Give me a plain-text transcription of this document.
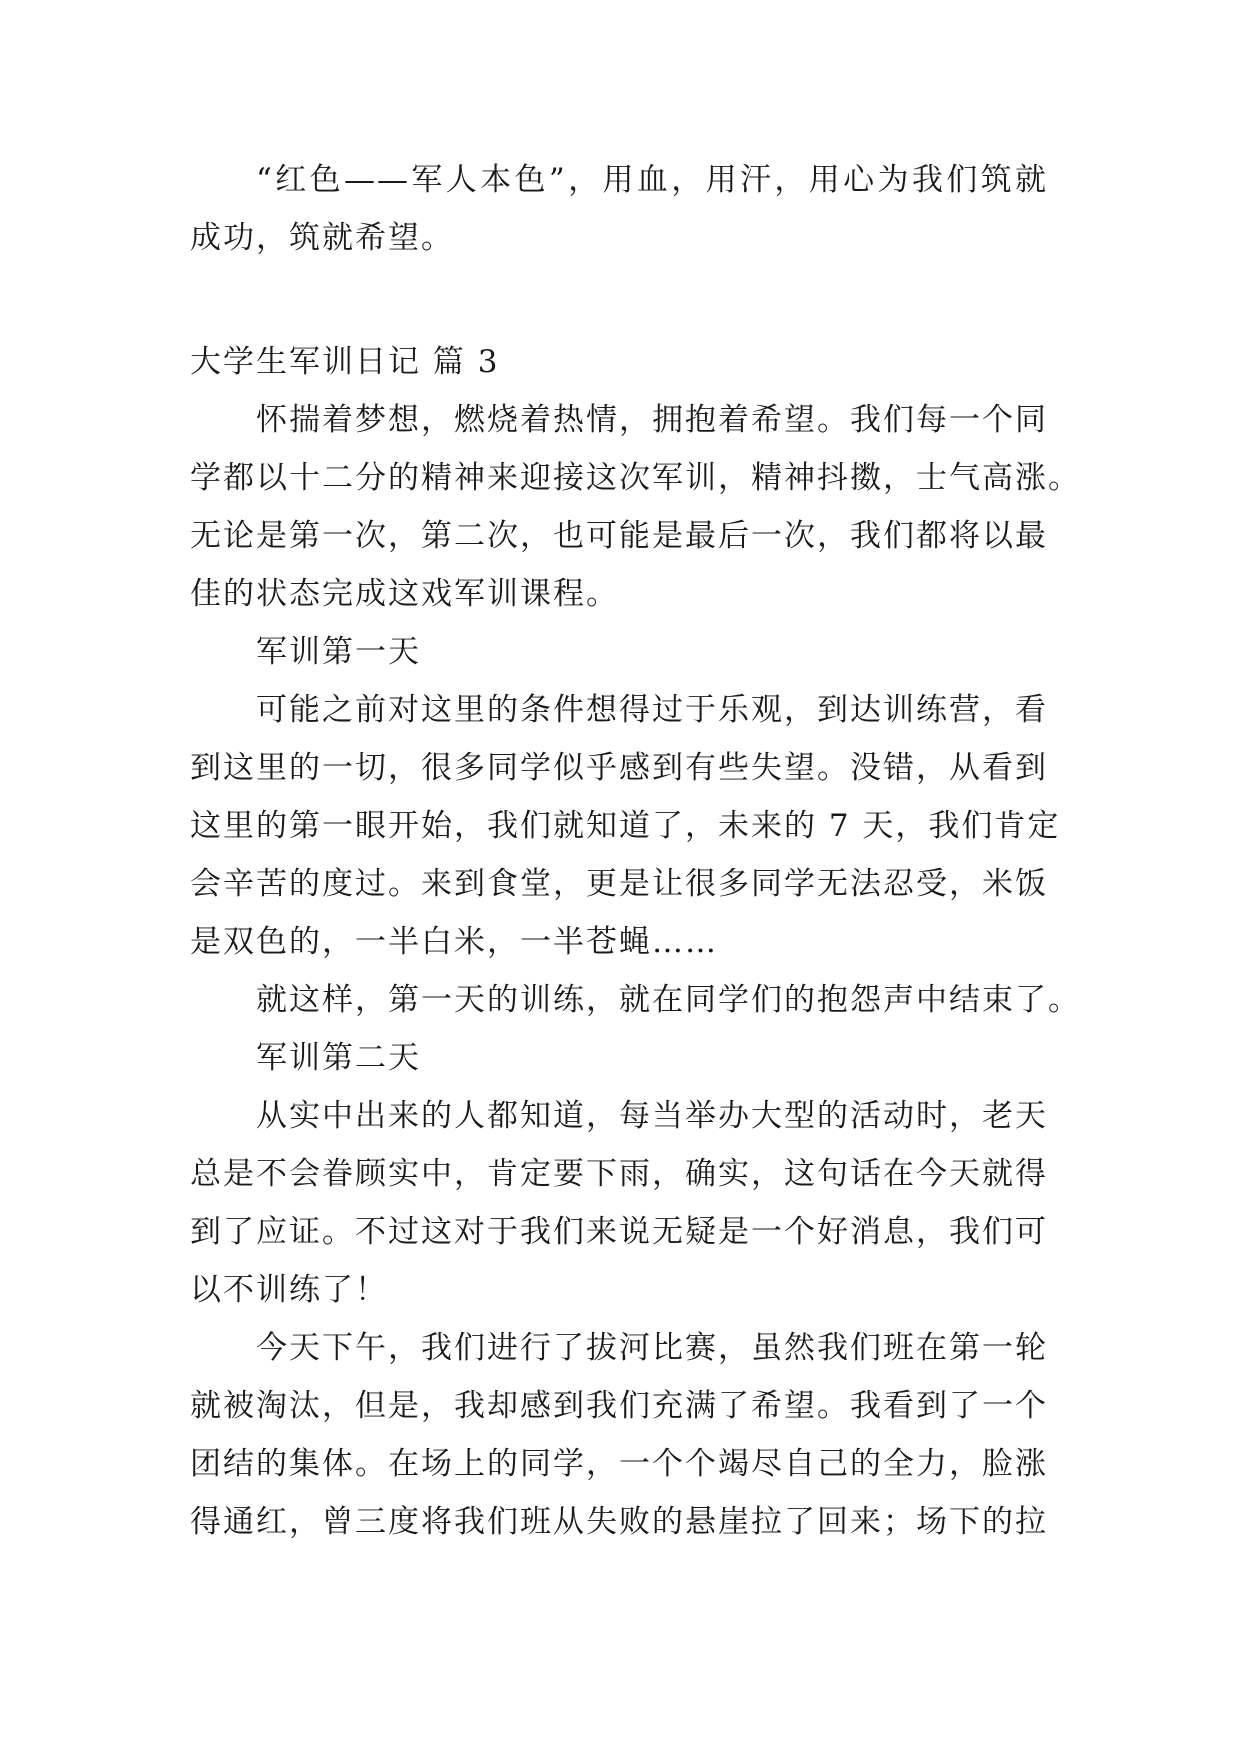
“红色——军人本色”，用血，用汗，用心为我们筑就
成功，筑就希望。
大学生军训日记 篇 3
怀揣着梦想，燃烧着热情，拥抱着希望。我们每一个同
学都以十二分的精神来迎接这次军训，精神抖擞，士气高涨。
无论是第一次，第二次，也可能是最后一次，我们都将以最
佳的状态完成这戏军训课程。
军训第一天
可能之前对这里的条件想得过于乐观，到达训练营，看
到这里的一切，很多同学似乎感到有些失望。没错，从看到
这里的第一眼开始，我们就知道了，未来的 7 天，我们肯定
会辛苦的度过。来到食堂，更是让很多同学无法忍受，米饭
是双色的，一半白米，一半苍蝇……
就这样，第一天的训练，就在同学们的抱怨声中结束了。
军训第二天
从实中出来的人都知道，每当举办大型的活动时，老天
总是不会眷顾实中，肯定要下雨，确实，这句话在今天就得
到了应证。不过这对于我们来说无疑是一个好消息，我们可
以不训练了！
今天下午，我们进行了拔河比赛，虽然我们班在第一轮
就被淘汰，但是，我却感到我们充满了希望。我看到了一个
团结的集体。在场上的同学，一个个竭尽自己的全力，脸涨
得通红，曾三度将我们班从失败的悬崖拉了回来；场下的拉
